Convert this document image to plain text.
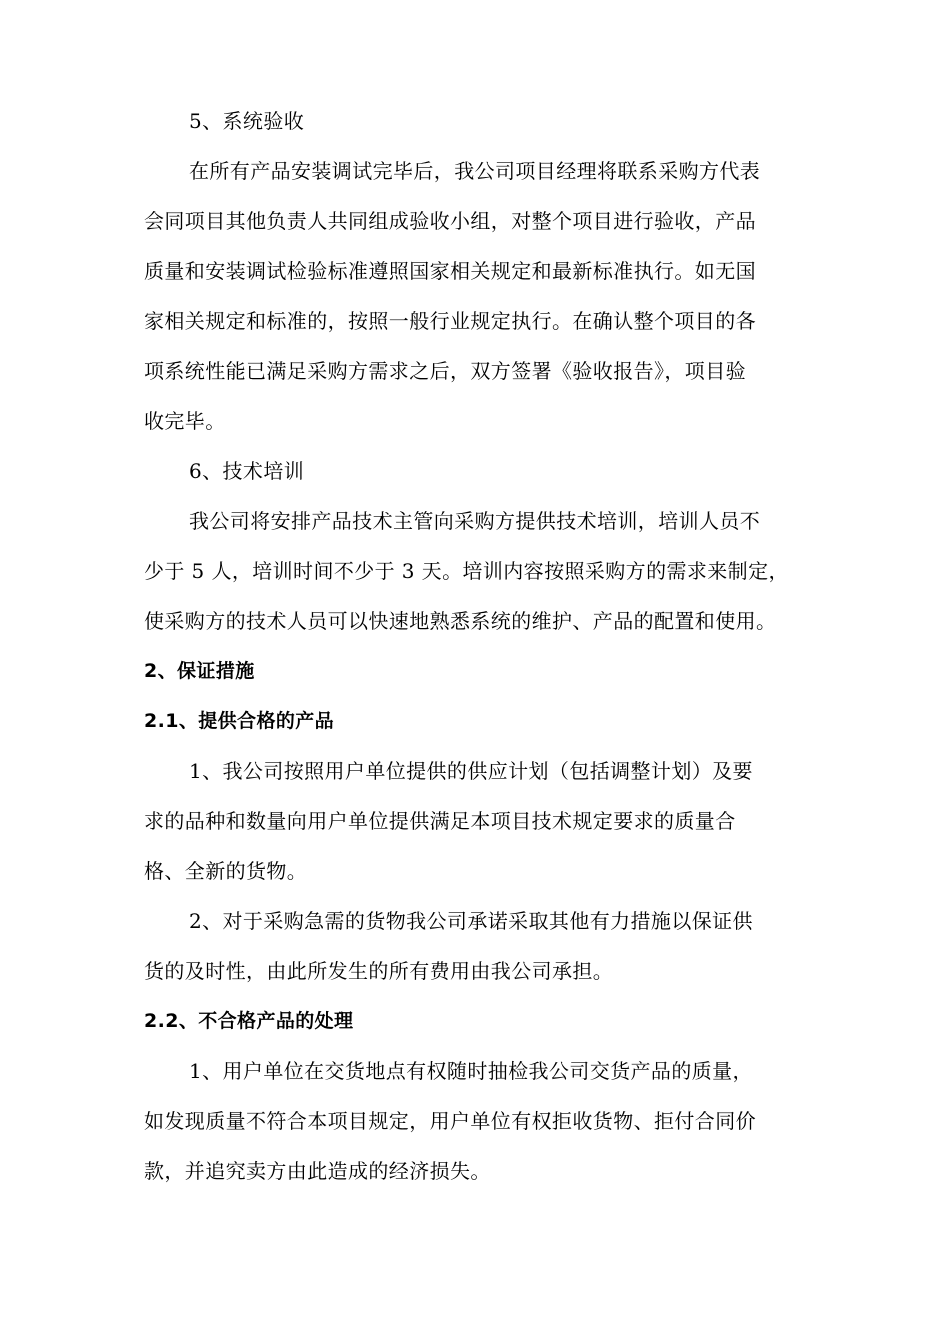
5、系统验收
在所有产品安装调试完毕后，我公司项目经理将联系采购方代表
会同项目其他负责人共同组成验收小组，对整个项目进行验收，产品
质量和安装调试检验标准遵照国家相关规定和最新标准执行。如无国
家相关规定和标准的，按照一般行业规定执行。在确认整个项目的各
项系统性能已满足采购方需求之后，双方签署《验收报告》，项目验
收完毕。
6、技术培训
我公司将安排产品技术主管向采购方提供技术培训，培训人员不
少于 5 人，培训时间不少于 3 天。培训内容按照采购方的需求来制定，
使采购方的技术人员可以快速地熟悉系统的维护、产品的配置和使用。
2、保证措施
2.1、提供合格的产品
1、我公司按照用户单位提供的供应计划（包括调整计划）及要
求的品种和数量向用户单位提供满足本项目技术规定要求的质量合
格、全新的货物。
2、对于采购急需的货物我公司承诺采取其他有力措施以保证供
货的及时性，由此所发生的所有费用由我公司承担。
2.2、不合格产品的处理
1、用户单位在交货地点有权随时抽检我公司交货产品的质量，
如发现质量不符合本项目规定，用户单位有权拒收货物、拒付合同价
款，并追究卖方由此造成的经济损失。
